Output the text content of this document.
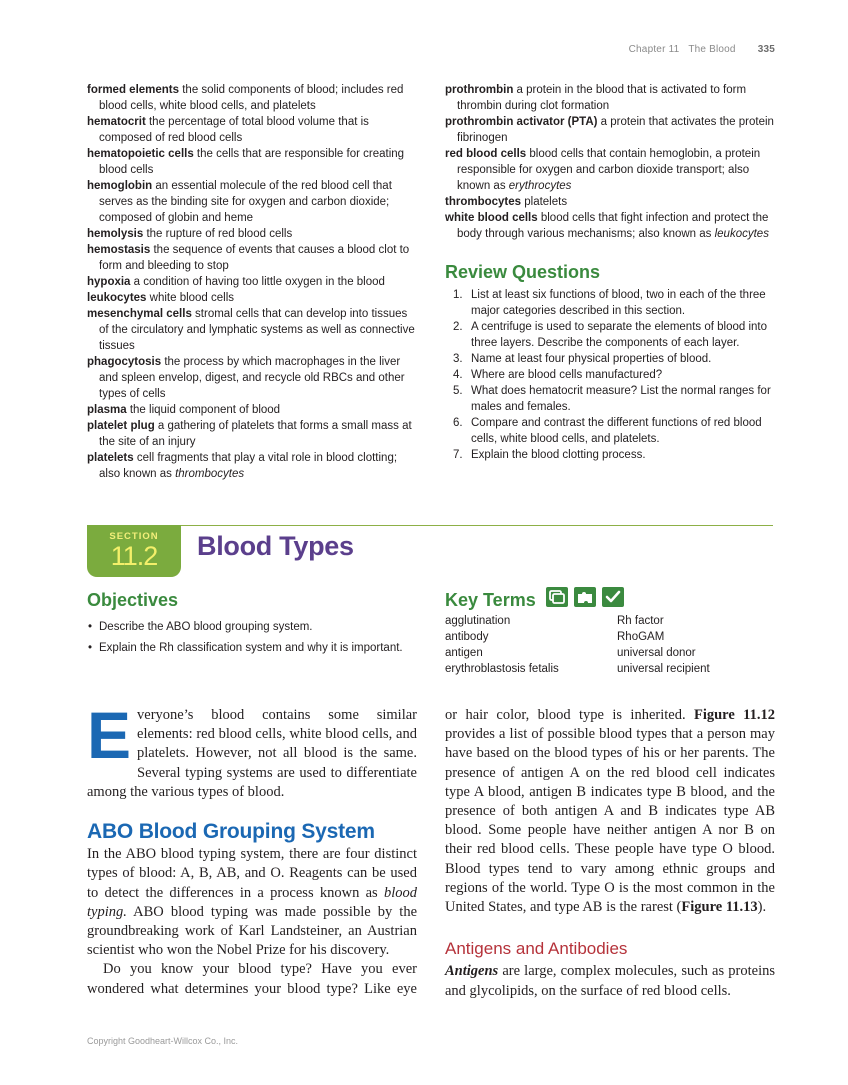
Chapter 11 The Blood 335
formed elements the solid components of blood; includes red blood cells, white blood cells, and platelets
hematocrit the percentage of total blood volume that is composed of red blood cells
hematopoietic cells the cells that are responsible for creating blood cells
hemoglobin an essential molecule of the red blood cell that serves as the binding site for oxygen and carbon dioxide; composed of globin and heme
hemolysis the rupture of red blood cells
hemostasis the sequence of events that causes a blood clot to form and bleeding to stop
hypoxia a condition of having too little oxygen in the blood
leukocytes white blood cells
mesenchymal cells stromal cells that can develop into tissues of the circulatory and lymphatic systems as well as connective tissues
phagocytosis the process by which macrophages in the liver and spleen envelop, digest, and recycle old RBCs and other types of cells
plasma the liquid component of blood
platelet plug a gathering of platelets that forms a small mass at the site of an injury
platelets cell fragments that play a vital role in blood clotting; also known as thrombocytes
prothrombin a protein in the blood that is activated to form thrombin during clot formation
prothrombin activator (PTA) a protein that activates the protein fibrinogen
red blood cells blood cells that contain hemoglobin, a protein responsible for oxygen and carbon dioxide transport; also known as erythrocytes
thrombocytes platelets
white blood cells blood cells that fight infection and protect the body through various mechanisms; also known as leukocytes
Review Questions
1. List at least six functions of blood, two in each of the three major categories described in this section.
2. A centrifuge is used to separate the elements of blood into three layers. Describe the components of each layer.
3. Name at least four physical properties of blood.
4. Where are blood cells manufactured?
5. What does hematocrit measure? List the normal ranges for males and females.
6. Compare and contrast the different functions of red blood cells, white blood cells, and platelets.
7. Explain the blood clotting process.
SECTION
11.2	Blood Types
Objectives
• Describe the ABO blood grouping system.
• Explain the Rh classification system and why it is important.
Key Terms
agglutination	Rh factor
antibody	RhoGAM
antigen	universal donor
erythroblastosis fetalis	universal recipient

Everyone’s blood contains some similar elements: red blood cells, white blood cells, and platelets. However, not all blood is the same. Several typing systems are used to differentiate among the various types of blood.

ABO Blood Grouping System

In the ABO blood typing system, there are four distinct types of blood: A, B, AB, and O. Reagents can be used to detect the differences in a process known as blood typing. ABO blood typing was made possible by the groundbreaking work of Karl Landsteiner, an Austrian scientist who won the Nobel Prize for his discovery.

Do you know your blood type? Have you ever wondered what determines your blood type? Like eye

or hair color, blood type is inherited. Figure 11.12 provides a list of possible blood types that a person may have based on the blood types of his or her parents. The presence of antigen A on the red blood cell indicates type A blood, antigen B indicates type B blood, and the presence of both antigen A and B indicates type AB blood. Some people have neither antigen A nor B on their red blood cells. These people have type O blood. Blood types tend to vary among ethnic groups and regions of the world. Type O is the most common in the United States, and type AB is the rarest (Figure 11.13).

Antigens and Antibodies

Antigens are large, complex molecules, such as proteins and glycolipids, on the surface of red blood cells.

Copyright Goodheart-Willcox Co., Inc.
